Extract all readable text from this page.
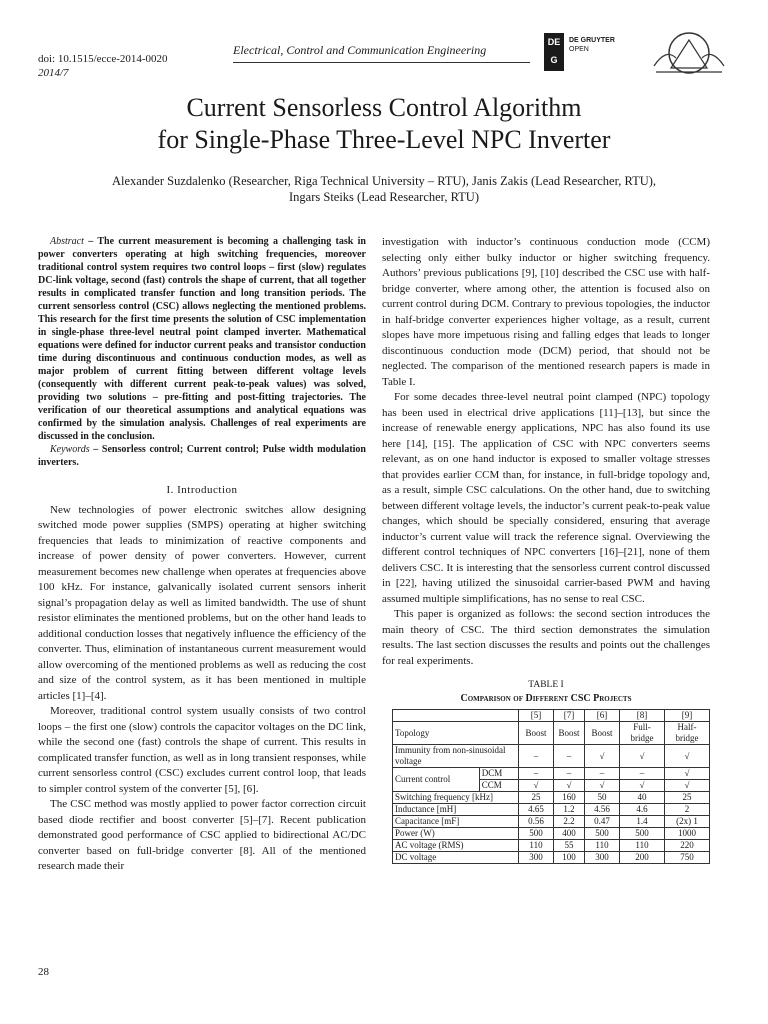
doi: 10.1515/ecce-2014-0020
2014/7
Electrical, Control and Communication Engineering
DE
G
DE GRUYTER
OPEN
Current Sensorless Control Algorithm
for Single-Phase Three-Level NPC Inverter
Alexander Suzdalenko (Researcher, Riga Technical University – RTU), Janis Zakis (Lead Researcher, RTU),
Ingars Steiks (Lead Researcher, RTU)

Abstract – The current measurement is becoming a challenging task in power converters operating at high switching frequencies, moreover traditional control system requires two control loops – first (slow) regulates DC-link voltage, second (fast) controls the shape of current, that all together results in complicated transfer function and long transition periods. The current sensorless control (CSC) allows neglecting the mentioned problems. This research for the first time presents the solution of CSC implementation in single-phase three-level neutral point clamped inverter. Mathematical equations were defined for inductor current peaks and transistor conduction time during discontinuous and continuous conduction modes, as well as major problem of current fitting between different voltage levels (consequently with different current peak-to-peak values) was solved, providing two solutions – pre-fitting and post-fitting trajectories. The verification of our theoretical assumptions and analytical equations was confirmed by the simulation analysis. Challenges of real experiments are discussed in the conclusion.

Keywords – Sensorless control; Current control; Pulse width modulation inverters.

I. Introduction

New technologies of power electronic switches allow designing switched mode power supplies (SMPS) operating at higher switching frequencies that leads to minimization of reactive components and increase of power density of power converters. However, current measurement becomes new challenge when operates at frequencies above 100 kHz. For instance, galvanically isolated current sensors inherit signal’s propagation delay as well as limited bandwidth. The use of shunt resistor eliminates the mentioned problems, but on the other hand leads to additional conduction losses that negatively influence the efficiency of the converter. Thus, elimination of instantaneous current measurement would allow overcoming of the mentioned problems as well as reducing the cost and size of the control system, as it has been mentioned in multiple articles [1]–[4].

Moreover, traditional control system usually consists of two control loops – the first one (slow) controls the capacitor voltages on the DC link, while the second one (fast) controls the shape of current. This results in complicated transfer function, as well as in long transient responses, while current sensorless control (CSC) excludes current control loop, that leads to simpler control system of the converter [5], [6].

The CSC method was mostly applied to power factor correction circuit based diode rectifier and boost converter [5]–[7]. Recent publication demonstrated good performance of CSC applied to bidirectional AC/DC converter based on full-bridge converter [8]. All of the mentioned research made their

investigation with inductor’s continuous conduction mode (CCM) selecting only either bulky inductor or higher switching frequency. Authors’ previous publications [9], [10] described the CSC use with half-bridge converter, where among other, the attention is focused also on current control during DCM. Contrary to previous topologies, the inductor in half-bridge converter experiences higher voltage, as a result, current slopes have more impetuous rising and falling edges that leads to longer discontinuous conduction mode (DCM) period, that should not be neglected. The comparison of the mentioned research papers is made in Table I.

For some decades three-level neutral point clamped (NPC) topology has been used in electrical drive applications [11]–[13], but since the increase of renewable energy applications, NPC has also found its use here [14], [15]. The application of CSC with NPC converters seems relevant, as on one hand inductor is exposed to smaller voltage stresses that provides earlier CCM than, for instance, in full-bridge topology and, as a result, simple CSC calculations. On the other hand, due to switching between different voltage levels, the inductor’s current peak-to-peak value changes, which should be specially considered, ensuring that average inductor’s current value will track the reference signal. Overviewing the different control techniques of NPC converters [16]–[21], none of them delivers CSC. It is interesting that the sensorless current control discussed in [22], having utilized the sinusoidal carrier-based PWM and having assumed multiple simplifications, has no sense to real CSC.

This paper is organized as follows: the second section introduces the main theory of CSC. The third section demonstrates the simulation results. The last section discusses the results and points out the challenges for real experiments.

TABLE I
Comparison of Different CSC Projects
		[5]	[7]	[6]	[8]	[9]
Topology		Boost	Boost	Boost	Full-bridge	Half-bridge
Immunity from non-sinusoidal voltage		–	–	√	√	√
Current control	DCM	–	–	–	–	√
	CCM	√	√	√	√	√
Switching frequency [kHz]		25	160	50	40	25
Inductance [mH]		4.65	1.2	4.56	4.6	2
Capacitance [mF]		0.56	2.2	0.47	1.4	(2x) 1
Power (W)		500	400	500	500	1000
AC voltage (RMS)		110	55	110	110	220
DC voltage		300	100	300	200	750
28
